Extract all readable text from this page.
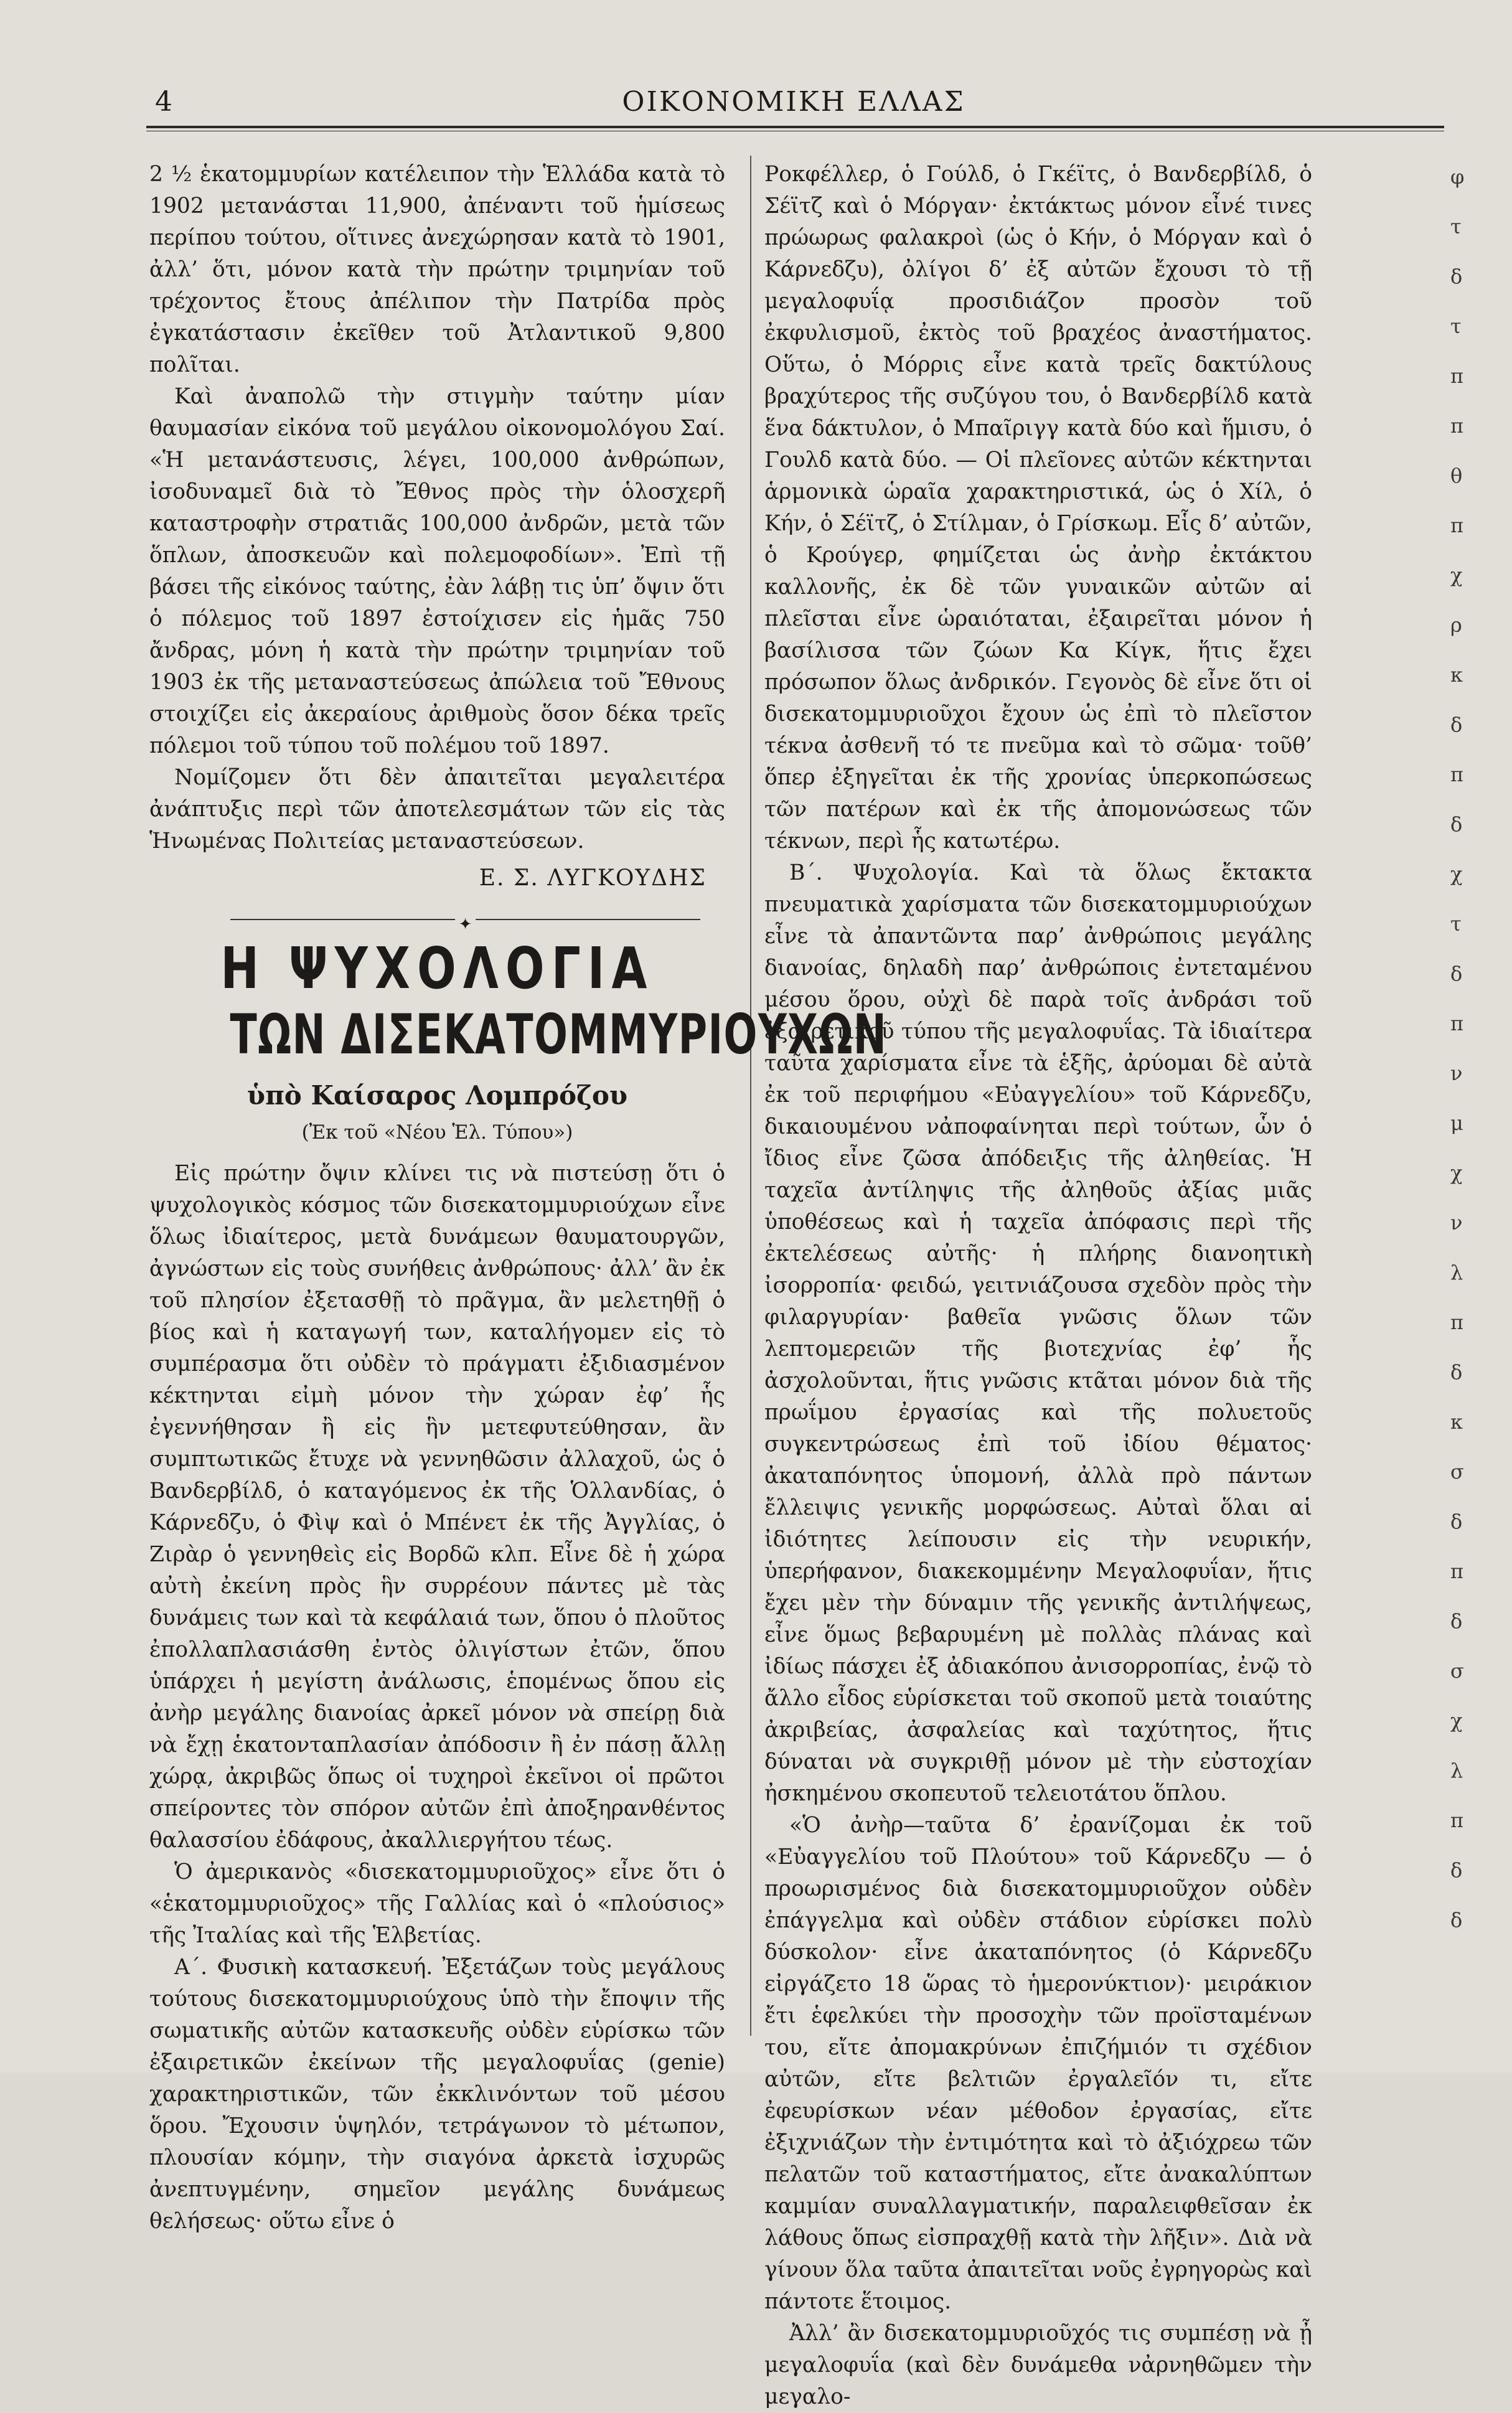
4	ΟΙΚΟΝΟΜΙΚΗ ΕΛΛΑΣ

2 ½ ἑκατομμυρίων κατέλειπον τὴν Ἑλλάδα κατὰ τὸ 1902 μετανάσται 11,900, ἀπέναντι τοῦ ἡμίσεως περίπου τούτου, οἵτινες ἀνεχώρησαν κατὰ τὸ 1901, ἀλλ’ ὅτι, μόνον κατὰ τὴν πρώτην τριμηνίαν τοῦ τρέχοντος ἔτους ἀπέλιπον τὴν Πατρίδα πρὸς ἐγκατάστασιν ἐκεῖθεν τοῦ Ἀτλαντικοῦ 9,800 πολῖται.

Καὶ ἀναπολῶ τὴν στιγμὴν ταύτην μίαν θαυμασίαν εἰκόνα τοῦ μεγάλου οἰκονομολόγου Σαί. «Ἡ μετανάστευσις, λέγει, 100,000 ἀνθρώπων, ἰσοδυναμεῖ διὰ τὸ Ἔθνος πρὸς τὴν ὁλοσχερῆ καταστροφὴν στρατιᾶς 100,000 ἀνδρῶν, μετὰ τῶν ὅπλων, ἀποσκευῶν καὶ πολεμοφοδίων». Ἐπὶ τῇ βάσει τῆς εἰκόνος ταύτης, ἐὰν λάβῃ τις ὑπ’ ὄψιν ὅτι ὁ πόλεμος τοῦ 1897 ἐστοίχισεν εἰς ἡμᾶς 750 ἄνδρας, μόνη ἡ κατὰ τὴν πρώτην τριμηνίαν τοῦ 1903 ἐκ τῆς μεταναστεύσεως ἀπώλεια τοῦ Ἔθνους στοιχίζει εἰς ἀκεραίους ἀριθμοὺς ὅσον δέκα τρεῖς πόλεμοι τοῦ τύπου τοῦ πολέμου τοῦ 1897.

Νομίζομεν ὅτι δὲν ἀπαιτεῖται μεγαλειτέρα ἀνάπτυξις περὶ τῶν ἀποτελεσμάτων τῶν εἰς τὰς Ἡνωμένας Πολιτείας μεταναστεύσεων.

Ε. Σ. ΛΥΓΚΟΥΔΗΣ
✦
Η ΨΥΧΟΛΟΓΙΑ
ΤΩΝ ΔΙΣΕΚΑΤΟΜΜΥΡΙΟΥΧΩΝ
ὑπὸ Καίσαρος Λομπρόζου
(Ἐκ τοῦ «Νέου Ἑλ. Τύπου»)

Εἰς πρώτην ὄψιν κλίνει τις νὰ πιστεύσῃ ὅτι ὁ ψυχολογικὸς κόσμος τῶν δισεκατομμυριούχων εἶνε ὅλως ἰδιαίτερος, μετὰ δυνάμεων θαυματουργῶν, ἀγνώστων εἰς τοὺς συνήθεις ἀνθρώπους· ἀλλ’ ἂν ἐκ τοῦ πλησίον ἐξετασθῇ τὸ πρᾶγμα, ἂν μελετηθῇ ὁ βίος καὶ ἡ καταγωγή των, καταλήγομεν εἰς τὸ συμπέρασμα ὅτι οὐδὲν τὸ πράγματι ἐξιδιασμένον κέκτηνται εἰμὴ μόνον τὴν χώραν ἐφ’ ἧς ἐγεννήθησαν ἢ εἰς ἣν μετεφυτεύθησαν, ἂν συμπτωτικῶς ἔτυχε νὰ γεννηθῶσιν ἀλλαχοῦ, ὡς ὁ Βανδερβίλδ, ὁ καταγόμενος ἐκ τῆς Ὁλλανδίας, ὁ Κάρνεδζυ, ὁ Φὶψ καὶ ὁ Μπένετ ἐκ τῆς Ἀγγλίας, ὁ Ζιρὰρ ὁ γεννηθεὶς εἰς Βορδῶ κλπ. Εἶνε δὲ ἡ χώρα αὐτὴ ἐκείνη πρὸς ἣν συρρέουν πάντες μὲ τὰς δυνάμεις των καὶ τὰ κεφάλαιά των, ὅπου ὁ πλοῦτος ἐπολλαπλασιάσθη ἐντὸς ὀλιγίστων ἐτῶν, ὅπου ὑπάρχει ἡ μεγίστη ἀνάλωσις, ἑπομένως ὅπου εἰς ἀνὴρ μεγάλης διανοίας ἀρκεῖ μόνον νὰ σπείρῃ διὰ νὰ ἔχῃ ἑκατονταπλασίαν ἀπόδοσιν ἢ ἐν πάσῃ ἄλλῃ χώρᾳ, ἀκριβῶς ὅπως οἱ τυχηροὶ ἐκεῖνοι οἱ πρῶτοι σπείροντες τὸν σπόρον αὐτῶν ἐπὶ ἀποξηρανθέντος θαλασσίου ἐδάφους, ἀκαλλιεργήτου τέως.

Ὁ ἀμερικανὸς «δισεκατομμυριοῦχος» εἶνε ὅτι ὁ «ἑκατομμυριοῦχος» τῆς Γαλλίας καὶ ὁ «πλούσιος» τῆς Ἰταλίας καὶ τῆς Ἑλβετίας.

Α΄. Φυσικὴ κατασκευή. Ἐξετάζων τοὺς μεγάλους τούτους δισεκατομμυριούχους ὑπὸ τὴν ἔποψιν τῆς σωματικῆς αὐτῶν κατασκευῆς οὐδὲν εὑρίσκω τῶν ἐξαιρετικῶν ἐκείνων τῆς μεγαλοφυΐας (genie) χαρακτηριστικῶν, τῶν ἐκκλινόντων τοῦ μέσου ὅρου. Ἔχουσιν ὑψηλόν, τετράγωνον τὸ μέτωπον, πλουσίαν κόμην, τὴν σιαγόνα ἀρκετὰ ἰσχυρῶς ἀνεπτυγμένην, σημεῖον μεγάλης δυνάμεως θελήσεως· οὕτω εἶνε ὁ

Ροκφέλλερ, ὁ Γούλδ, ὁ Γκέϊτς, ὁ Βανδερβίλδ, ὁ Σέϊτζ καὶ ὁ Μόργαν· ἐκτάκτως μόνον εἶνέ τινες πρώωρως φαλακροὶ (ὡς ὁ Κήν, ὁ Μόργαν καὶ ὁ Κάρνεδζυ), ὀλίγοι δ’ ἐξ αὐτῶν ἔχουσι τὸ τῇ μεγαλοφυΐᾳ προσιδιάζον προσὸν τοῦ ἐκφυλισμοῦ, ἐκτὸς τοῦ βραχέος ἀναστήματος. Οὕτω, ὁ Μόρρις εἶνε κατὰ τρεῖς δακτύλους βραχύτερος τῆς συζύγου του, ὁ Βανδερβίλδ κατὰ ἕνα δάκτυλον, ὁ Μπαῖριγγ κατὰ δύο καὶ ἥμισυ, ὁ Γουλδ κατὰ δύο. — Οἱ πλεῖονες αὐτῶν κέκτηνται ἁρμονικὰ ὡραῖα χαρακτηριστικά, ὡς ὁ Χίλ, ὁ Κήν, ὁ Σέϊτζ, ὁ Στίλμαν, ὁ Γρίσκωμ. Εἷς δ’ αὐτῶν, ὁ Κρούγερ, φημίζεται ὡς ἀνὴρ ἐκτάκτου καλλονῆς, ἐκ δὲ τῶν γυναικῶν αὐτῶν αἱ πλεῖσται εἶνε ὡραιόταται, ἐξαιρεῖται μόνον ἡ βασίλισσα τῶν ζώων Κα Κίγκ, ἥτις ἔχει πρόσωπον ὅλως ἀνδρικόν. Γεγονὸς δὲ εἶνε ὅτι οἱ δισεκατομμυριοῦχοι ἔχουν ὡς ἐπὶ τὸ πλεῖστον τέκνα ἀσθενῆ τό τε πνεῦμα καὶ τὸ σῶμα· τοῦθ’ ὅπερ ἐξηγεῖται ἐκ τῆς χρονίας ὑπερκοπώσεως τῶν πατέρων καὶ ἐκ τῆς ἀπομονώσεως τῶν τέκνων, περὶ ἧς κατωτέρω.

Β΄. Ψυχολογία. Καὶ τὰ ὅλως ἔκτακτα πνευματικὰ χαρίσματα τῶν δισεκατομμυριούχων εἶνε τὰ ἀπαντῶντα παρ’ ἀνθρώποις μεγάλης διανοίας, δηλαδὴ παρ’ ἀνθρώποις ἐντεταμένου μέσου ὅρου, οὐχὶ δὲ παρὰ τοῖς ἀνδράσι τοῦ ἐξαιρετικοῦ τύπου τῆς μεγαλοφυΐας. Τὰ ἰδιαίτερα ταῦτα χαρίσματα εἶνε τὰ ἑξῆς, ἀρύομαι δὲ αὐτὰ ἐκ τοῦ περιφήμου «Εὐαγγελίου» τοῦ Κάρνεδζυ, δικαιουμένου νἀποφαίνηται περὶ τούτων, ὧν ὁ ἴδιος εἶνε ζῶσα ἀπόδειξις τῆς ἀληθείας. Ἡ ταχεῖα ἀντίληψις τῆς ἀληθοῦς ἀξίας μιᾶς ὑποθέσεως καὶ ἡ ταχεῖα ἀπόφασις περὶ τῆς ἐκτελέσεως αὐτῆς· ἡ πλήρης διανοητικὴ ἰσορροπία· φειδώ, γειτνιάζουσα σχεδὸν πρὸς τὴν φιλαργυρίαν· βαθεῖα γνῶσις ὅλων τῶν λεπτομερειῶν τῆς βιοτεχνίας ἐφ’ ἧς ἀσχολοῦνται, ἥτις γνῶσις κτᾶται μόνον διὰ τῆς πρωΐμου ἐργασίας καὶ τῆς πολυετοῦς συγκεντρώσεως ἐπὶ τοῦ ἰδίου θέματος· ἀκαταπόνητος ὑπομονή, ἀλλὰ πρὸ πάντων ἔλλειψις γενικῆς μορφώσεως. Αὐταὶ ὅλαι αἱ ἰδιότητες λείπουσιν εἰς τὴν νευρικήν, ὑπερήφανον, διακεκομμένην Μεγαλοφυΐαν, ἥτις ἔχει μὲν τὴν δύναμιν τῆς γενικῆς ἀντιλήψεως, εἶνε ὅμως βεβαρυμένη μὲ πολλὰς πλάνας καὶ ἰδίως πάσχει ἐξ ἀδιακόπου ἀνισορροπίας, ἐνῷ τὸ ἄλλο εἶδος εὑρίσκεται τοῦ σκοποῦ μετὰ τοιαύτης ἀκριβείας, ἀσφαλείας καὶ ταχύτητος, ἥτις δύναται νὰ συγκριθῇ μόνον μὲ τὴν εὐστοχίαν ἠσκημένου σκοπευτοῦ τελειοτάτου ὅπλου.

«Ὁ ἀνὴρ—ταῦτα δ’ ἐρανίζομαι ἐκ τοῦ «Εὐαγγελίου τοῦ Πλούτου» τοῦ Κάρνεδζυ — ὁ προωρισμένος διὰ δισεκατομμυριοῦχον οὐδὲν ἐπάγγελμα καὶ οὐδὲν στάδιον εὑρίσκει πολὺ δύσκολον· εἶνε ἀκαταπόνητος (ὁ Κάρνεδζυ εἰργάζετο 18 ὥρας τὸ ἡμερονύκτιον)· μειράκιον ἔτι ἑφελκύει τὴν προσοχὴν τῶν προϊσταμένων του, εἴτε ἀπομακρύνων ἐπιζήμιόν τι σχέδιον αὐτῶν, εἴτε βελτιῶν ἐργαλεῖόν τι, εἴτε ἐφευρίσκων νέαν μέθοδον ἐργασίας, εἴτε ἐξιχνιάζων τὴν ἐντιμότητα καὶ τὸ ἀξιόχρεω τῶν πελατῶν τοῦ καταστήματος, εἴτε ἀνακαλύπτων καμμίαν συναλλαγματικήν, παραλειφθεῖσαν ἐκ λάθους ὅπως εἰσπραχθῇ κατὰ τὴν λῆξιν». Διὰ νὰ γίνουν ὅλα ταῦτα ἀπαιτεῖται νοῦς ἐγρηγορὼς καὶ πάντοτε ἕτοιμος.

Ἀλλ’ ἂν δισεκατομμυριοῦχός τις συμπέσῃ νὰ ᾖ μεγαλοφυΐα (καὶ δὲν δυνάμεθα νἀρνηθῶμεν τὴν μεγαλο-

φ
τ
δ
τ
π
π
θ
π
χ
ρ
κ
δ
π
δ
χ
τ
δ
π
ν
μ
χ
ν
λ
π
δ
κ
σ
δ
π
δ
σ
χ
λ
π
δ
δ
